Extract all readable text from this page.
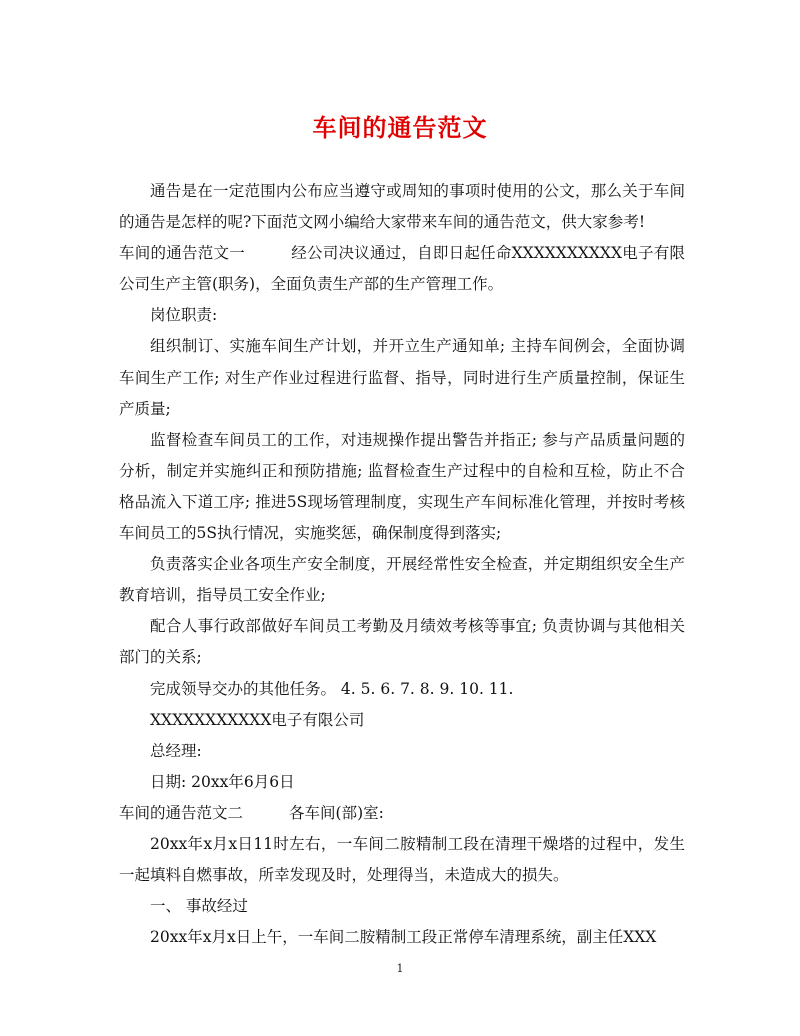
车间的通告范文

通告是在一定范围内公布应当遵守或周知的事项时使用的公文，那么关于车间的通告是怎样的呢?下面范文网小编给大家带来车间的通告范文，供大家参考!

车间的通告范文一	经公司决议通过，自即日起任命XXXXXXXXXX电子有限公司生产主管(职务)，全面负责生产部的生产管理工作。

岗位职责:

组织制订、实施车间生产计划，并开立生产通知单; 主持车间例会，全面协调车间生产工作; 对生产作业过程进行监督、指导，同时进行生产质量控制，保证生产质量;

监督检查车间员工的工作，对违规操作提出警告并指正; 参与产品质量问题的分析，制定并实施纠正和预防措施; 监督检查生产过程中的自检和互检，防止不合格品流入下道工序; 推进5S现场管理制度，实现生产车间标准化管理，并按时考核车间员工的5S执行情况，实施奖惩，确保制度得到落实;

负责落实企业各项生产安全制度，开展经常性安全检查，并定期组织安全生产教育培训，指导员工安全作业;

配合人事行政部做好车间员工考勤及月绩效考核等事宜; 负责协调与其他相关部门的关系;

完成领导交办的其他任务。 4. 5. 6. 7. 8. 9. 10. 11.

XXXXXXXXXXX电子有限公司

总经理:

日期: 20xx年6月6日

车间的通告范文二	各车间(部)室:

20xx年x月x日11时左右，一车间二胺精制工段在清理干燥塔的过程中，发生一起填料自燃事故，所幸发现及时，处理得当，未造成大的损失。

一、 事故经过

20xx年x月x日上午，一车间二胺精制工段正常停车清理系统，副主任XXX

1
